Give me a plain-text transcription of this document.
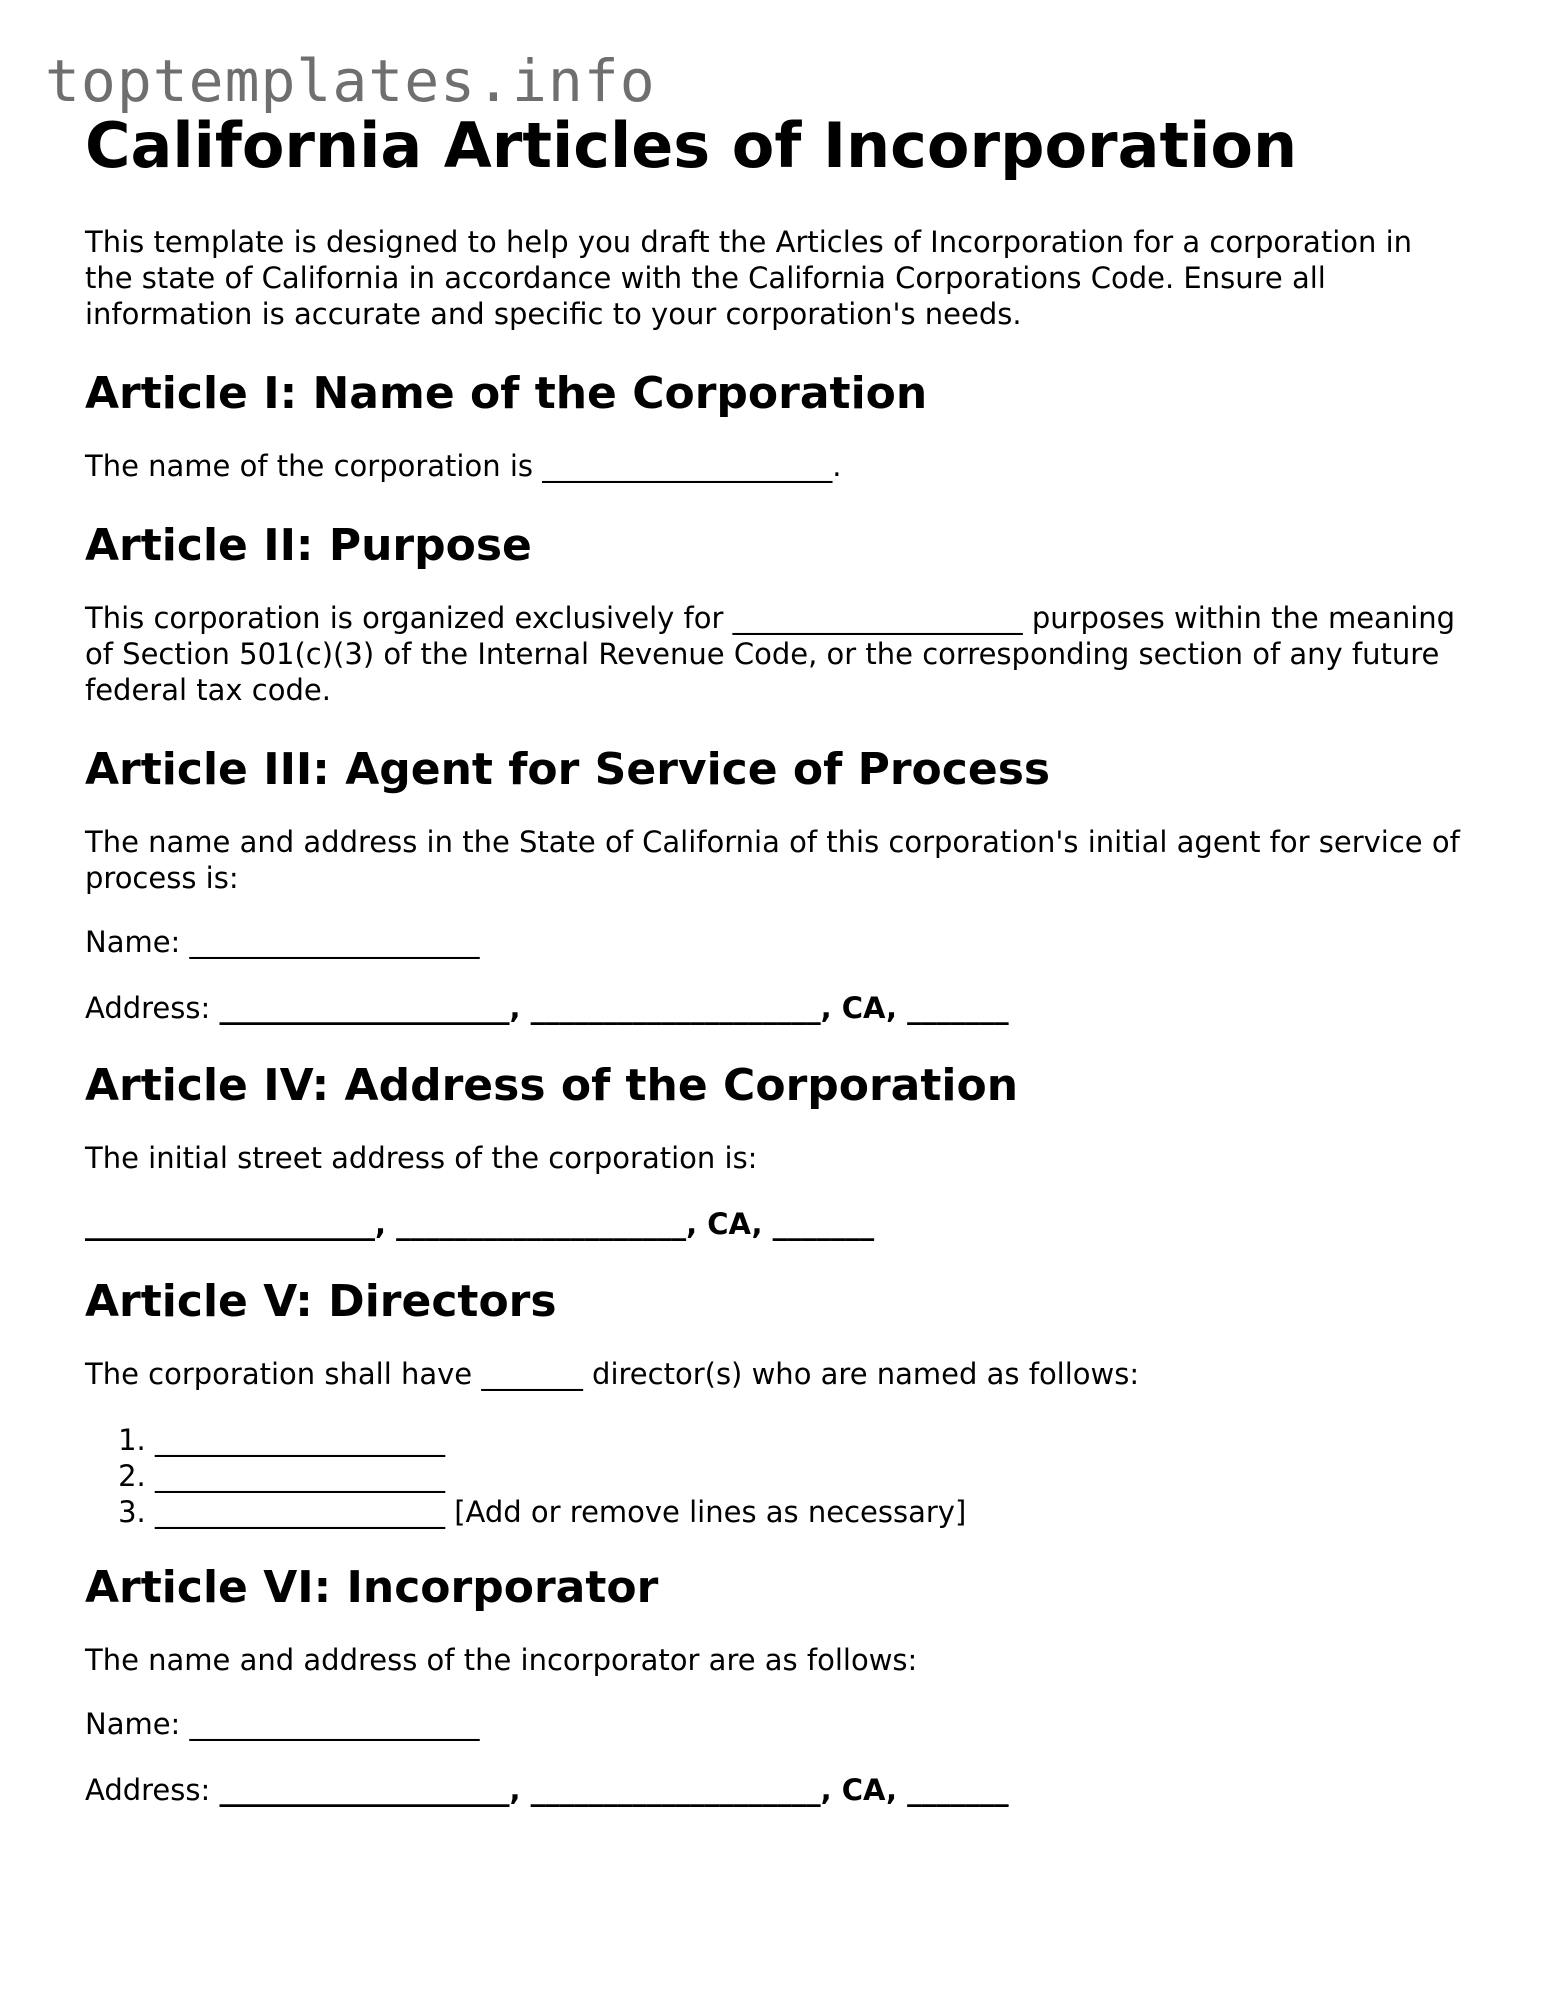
toptemplates.info
California Articles of Incorporation

This template is designed to help you draft the Articles of Incorporation for a corporation in the state of California in accordance with the California Corporations Code. Ensure all information is accurate and specific to your corporation's needs.

Article I: Name of the Corporation

The name of the corporation is ____________________.

Article II: Purpose

This corporation is organized exclusively for ____________________ purposes within the meaning of Section 501(c)(3) of the Internal Revenue Code, or the corresponding section of any future federal tax code.

Article III: Agent for Service of Process

The name and address in the State of California of this corporation's initial agent for service of process is:

Name: ____________________

Address: ____________________, ____________________, CA, _______

Article IV: Address of the Corporation

The initial street address of the corporation is:

____________________, ____________________, CA, _______

Article V: Directors

The corporation shall have _______ director(s) who are named as follows:

1. ____________________
2. ____________________
3. ____________________ [Add or remove lines as necessary]
Article VI: Incorporator

The name and address of the incorporator are as follows:

Name: ____________________

Address: ____________________, ____________________, CA, _______
